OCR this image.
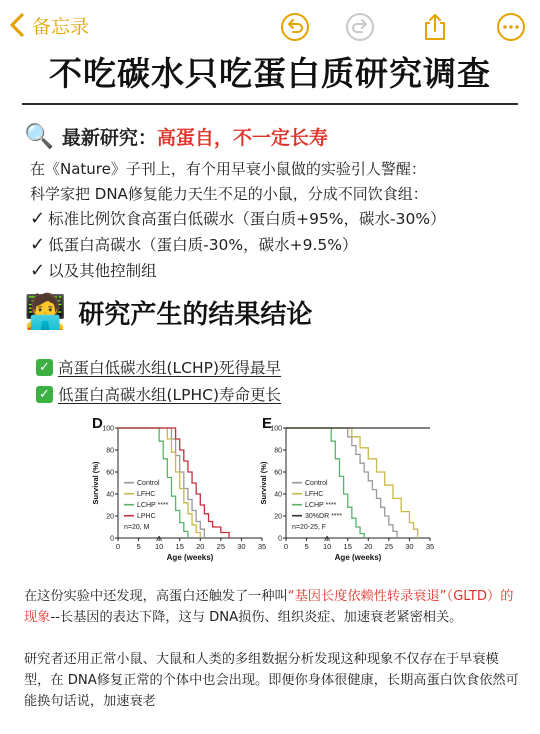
备忘录
不吃碳水只吃蛋白质研究调查
🔍 最新研究： 高蛋自，不一定长寿
在《Nature》子刊上，有个用早衰小鼠做的实验引人警醒：
科学家把 DNA修复能力天生不足的小鼠，分成不同饮食组：
✓ 标准比例饮食高蛋白低碳水（蛋白质+95%，碳水-30%）
✓ 低蛋白高碳水（蛋白质-30%，碳水+9.5%）
✓ 以及其他控制组
🧑‍💻 研究产生的结果结论
✓ 高蛋白低碳水组(LCHP)死得最早
✓ 低蛋白高碳水组(LPHC)寿命更长
D
0
20
40
60
80
100
0 5 10 15 20 25 30 35
Age (weeks)
Survival (%)	Control
LFHC
LCHP ****
LPHC
n=20, M
E
0
20
40
60
80
100
0 5 10 15 20 25 30 35
Age (weeks)
Survival (%)	Control
LFHC
LCHP ****
30%DR ****
n=20-25, F
在这份实验中还发现，高蛋白还触发了一种叫“基因长度依赖性转录衰退”（GLTD）的现象--长基因的表达下降，这与 DNA损伤、组织炎症、加速衰老紧密相关。
研究者还用正常小鼠、大鼠和人类的多组数据分析发现这种现象不仅存在于早衰模型，在 DNA修复正常的个体中也会出现。即便你身体很健康，长期高蛋白饮食依然可能换句话说，加速衰老
